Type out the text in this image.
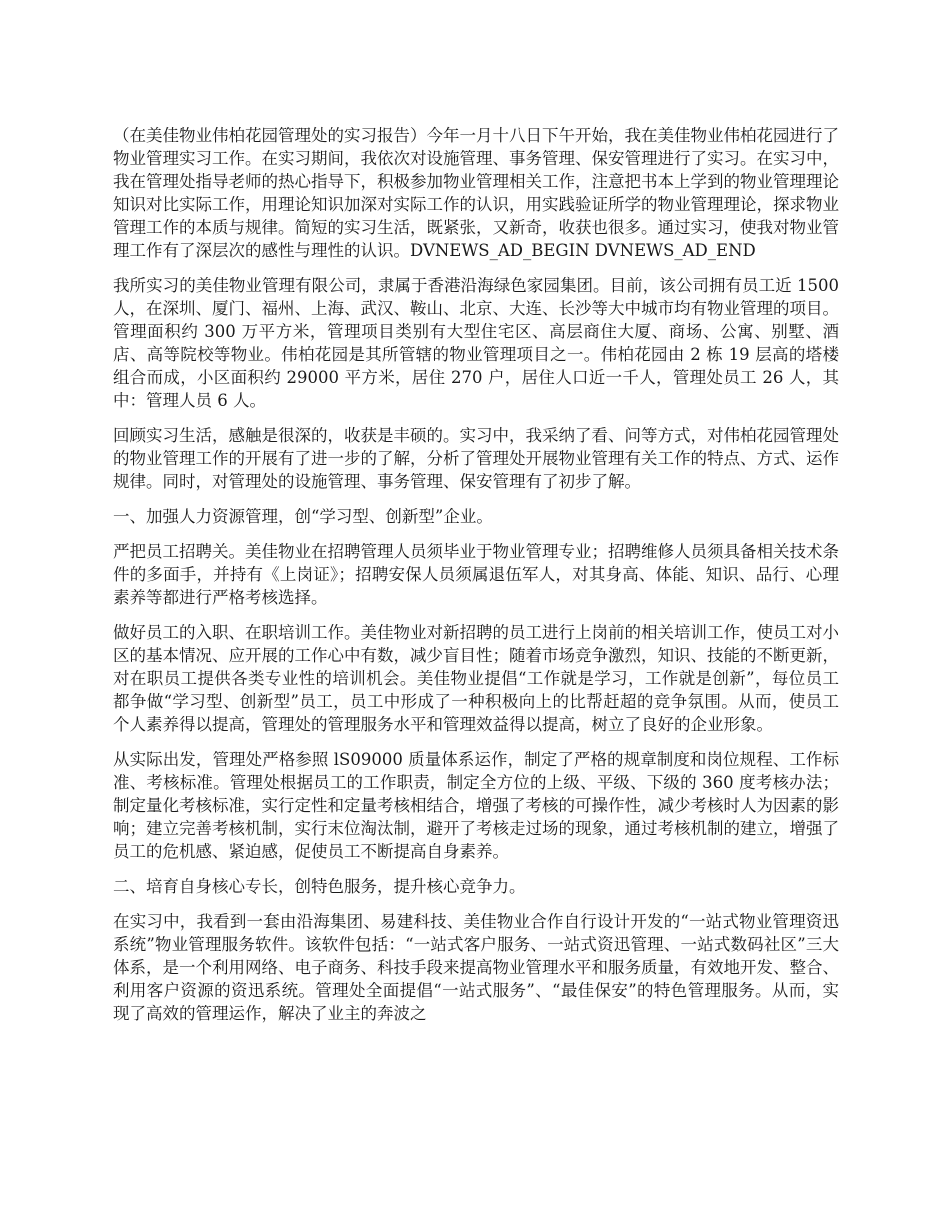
（在美佳物业伟柏花园管理处的实习报告）今年一月十八日下午开始，我在美佳物业伟柏花园进行了物业管理实习工作。在实习期间，我依次对设施管理、事务管理、保安管理进行了实习。在实习中，我在管理处指导老师的热心指导下，积极参加物业管理相关工作，注意把书本上学到的物业管理理论知识对比实际工作，用理论知识加深对实际工作的认识，用实践验证所学的物业管理理论，探求物业管理工作的本质与规律。简短的实习生活，既紧张，又新奇，收获也很多。通过实习，使我对物业管理工作有了深层次的感性与理性的认识。DVNEWS_AD_BEGIN DVNEWS_AD_END

我所实习的美佳物业管理有限公司，隶属于香港沿海绿色家园集团。目前，该公司拥有员工近 1500 人，在深圳、厦门、福州、上海、武汉、鞍山、北京、大连、长沙等大中城市均有物业管理的项目。管理面积约 300 万平方米，管理项目类别有大型住宅区、高层商住大厦、商场、公寓、别墅、酒店、高等院校等物业。伟柏花园是其所管辖的物业管理项目之一。伟柏花园由 2 栋 19 层高的塔楼组合而成，小区面积约 29000 平方米，居住 270 户，居住人口近一千人，管理处员工 26 人，其中：管理人员 6 人。

回顾实习生活，感触是很深的，收获是丰硕的。实习中，我采纳了看、问等方式，对伟柏花园管理处的物业管理工作的开展有了进一步的了解，分析了管理处开展物业管理有关工作的特点、方式、运作规律。同时，对管理处的设施管理、事务管理、保安管理有了初步了解。

一、加强人力资源管理，创“学习型、创新型”企业。

严把员工招聘关。美佳物业在招聘管理人员须毕业于物业管理专业；招聘维修人员须具备相关技术条件的多面手，并持有《上岗证》；招聘安保人员须属退伍军人，对其身高、体能、知识、品行、心理素养等都进行严格考核选择。

做好员工的入职、在职培训工作。美佳物业对新招聘的员工进行上岗前的相关培训工作，使员工对小区的基本情况、应开展的工作心中有数，减少盲目性；随着市场竞争激烈，知识、技能的不断更新，对在职员工提供各类专业性的培训机会。美佳物业提倡“工作就是学习，工作就是创新”，每位员工都争做“学习型、创新型”员工，员工中形成了一种积极向上的比帮赶超的竞争氛围。从而，使员工个人素养得以提高，管理处的管理服务水平和管理效益得以提高，树立了良好的企业形象。

从实际出发，管理处严格参照 lS09000 质量体系运作，制定了严格的规章制度和岗位规程、工作标准、考核标准。管理处根据员工的工作职责，制定全方位的上级、平级、下级的 360 度考核办法；制定量化考核标准，实行定性和定量考核相结合，增强了考核的可操作性，减少考核时人为因素的影响；建立完善考核机制，实行末位淘汰制，避开了考核走过场的现象，通过考核机制的建立，增强了员工的危机感、紧迫感，促使员工不断提高自身素养。

二、培育自身核心专长，创特色服务，提升核心竞争力。

在实习中，我看到一套由沿海集团、易建科技、美佳物业合作自行设计开发的“一站式物业管理资迅系统”物业管理服务软件。该软件包括：“一站式客户服务、一站式资迅管理、一站式数码社区”三大体系，是一个利用网络、电子商务、科技手段来提高物业管理水平和服务质量，有效地开发、整合、利用客户资源的资迅系统。管理处全面提倡“一站式服务”、“最佳保安”的特色管理服务。从而，实现了高效的管理运作，解决了业主的奔波之
